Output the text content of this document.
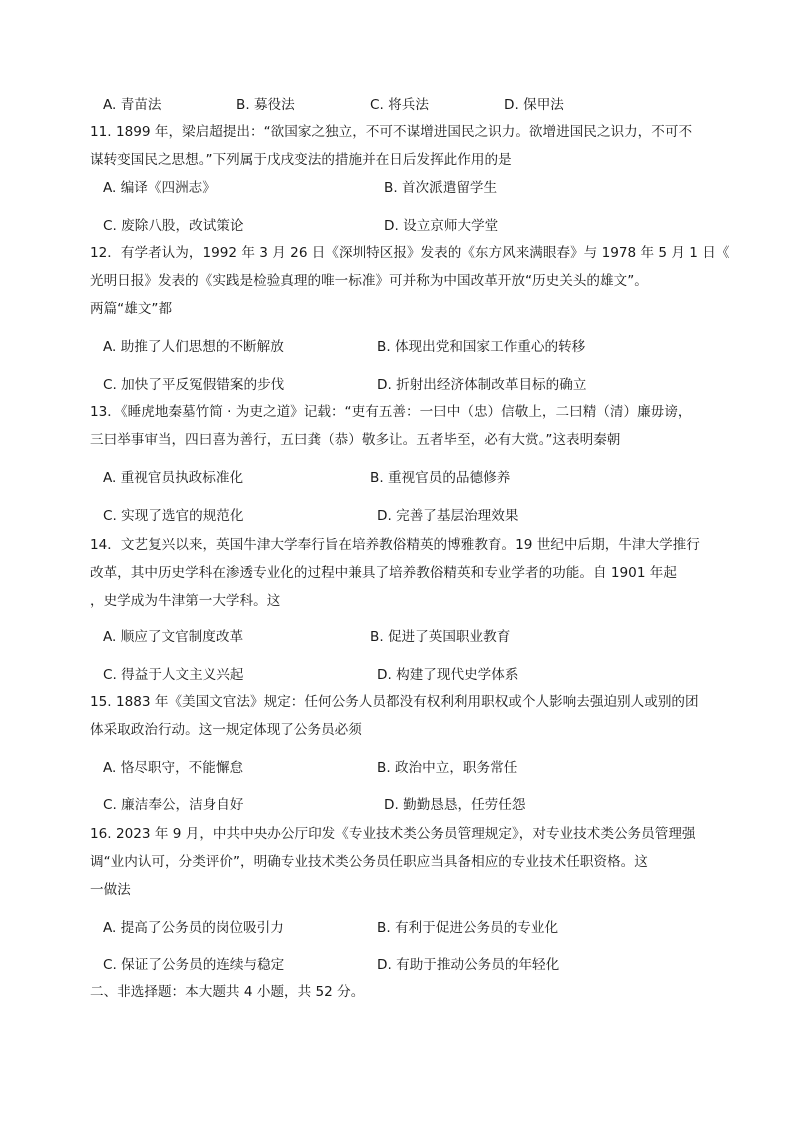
A. 青苗法	B. 募役法	C. 将兵法	D. 保甲法
11. 1899 年，梁启超提出：“欲国家之独立，不可不谋增进国民之识力。欲增进国民之识力，不可不
谋转变国民之思想。”下列属于戊戌变法的措施并在日后发挥此作用的是
A. 编译《四洲志》	B. 首次派遣留学生
C. 废除八股，改试策论	D. 设立京师大学堂
12．有学者认为，1992 年 3 月 26 日《深圳特区报》发表的《东方风来满眼春》与 1978 年 5 月 1 日《
光明日报》发表的《实践是检验真理的唯一标准》可并称为中国改革开放“历史关头的雄文”。
两篇“雄文”都
A. 助推了人们思想的不断解放	B. 体现出党和国家工作重心的转移
C. 加快了平反冤假错案的步伐	D. 折射出经济体制改革目标的确立
13．《睡虎地秦墓竹简 · 为吏之道》记载：“吏有五善：一曰中（忠）信敬上，二曰精（清）廉毋谤，
三曰举事审当，四曰喜为善行，五曰龚（恭）敬多让。五者毕至，必有大赏。”这表明秦朝
A. 重视官员执政标准化	B. 重视官员的品德修养
C. 实现了选官的规范化	D. 完善了基层治理效果
14．文艺复兴以来，英国牛津大学奉行旨在培养教俗精英的博雅教育。19 世纪中后期，牛津大学推行
改革，其中历史学科在渗透专业化的过程中兼具了培养教俗精英和专业学者的功能。自 1901 年起
，史学成为牛津第一大学科。这
A. 顺应了文官制度改革	B. 促进了英国职业教育
C. 得益于人文主义兴起	D. 构建了现代史学体系
15. 1883 年《美国文官法》规定：任何公务人员都没有权利利用职权或个人影响去强迫别人或别的团
体采取政治行动。这一规定体现了公务员必须
A. 恪尽职守，不能懈怠	B. 政治中立，职务常任
C. 廉洁奉公，洁身自好	D. 勤勤恳恳，任劳任怨
16. 2023 年 9 月，中共中央办公厅印发《专业技术类公务员管理规定》，对专业技术类公务员管理强
调“业内认可，分类评价”，明确专业技术类公务员任职应当具备相应的专业技术任职资格。这
一做法
A. 提高了公务员的岗位吸引力	B. 有利于促进公务员的专业化
C. 保证了公务员的连续与稳定	D. 有助于推动公务员的年轻化
二、非选择题：本大题共 4 小题，共 52 分。
